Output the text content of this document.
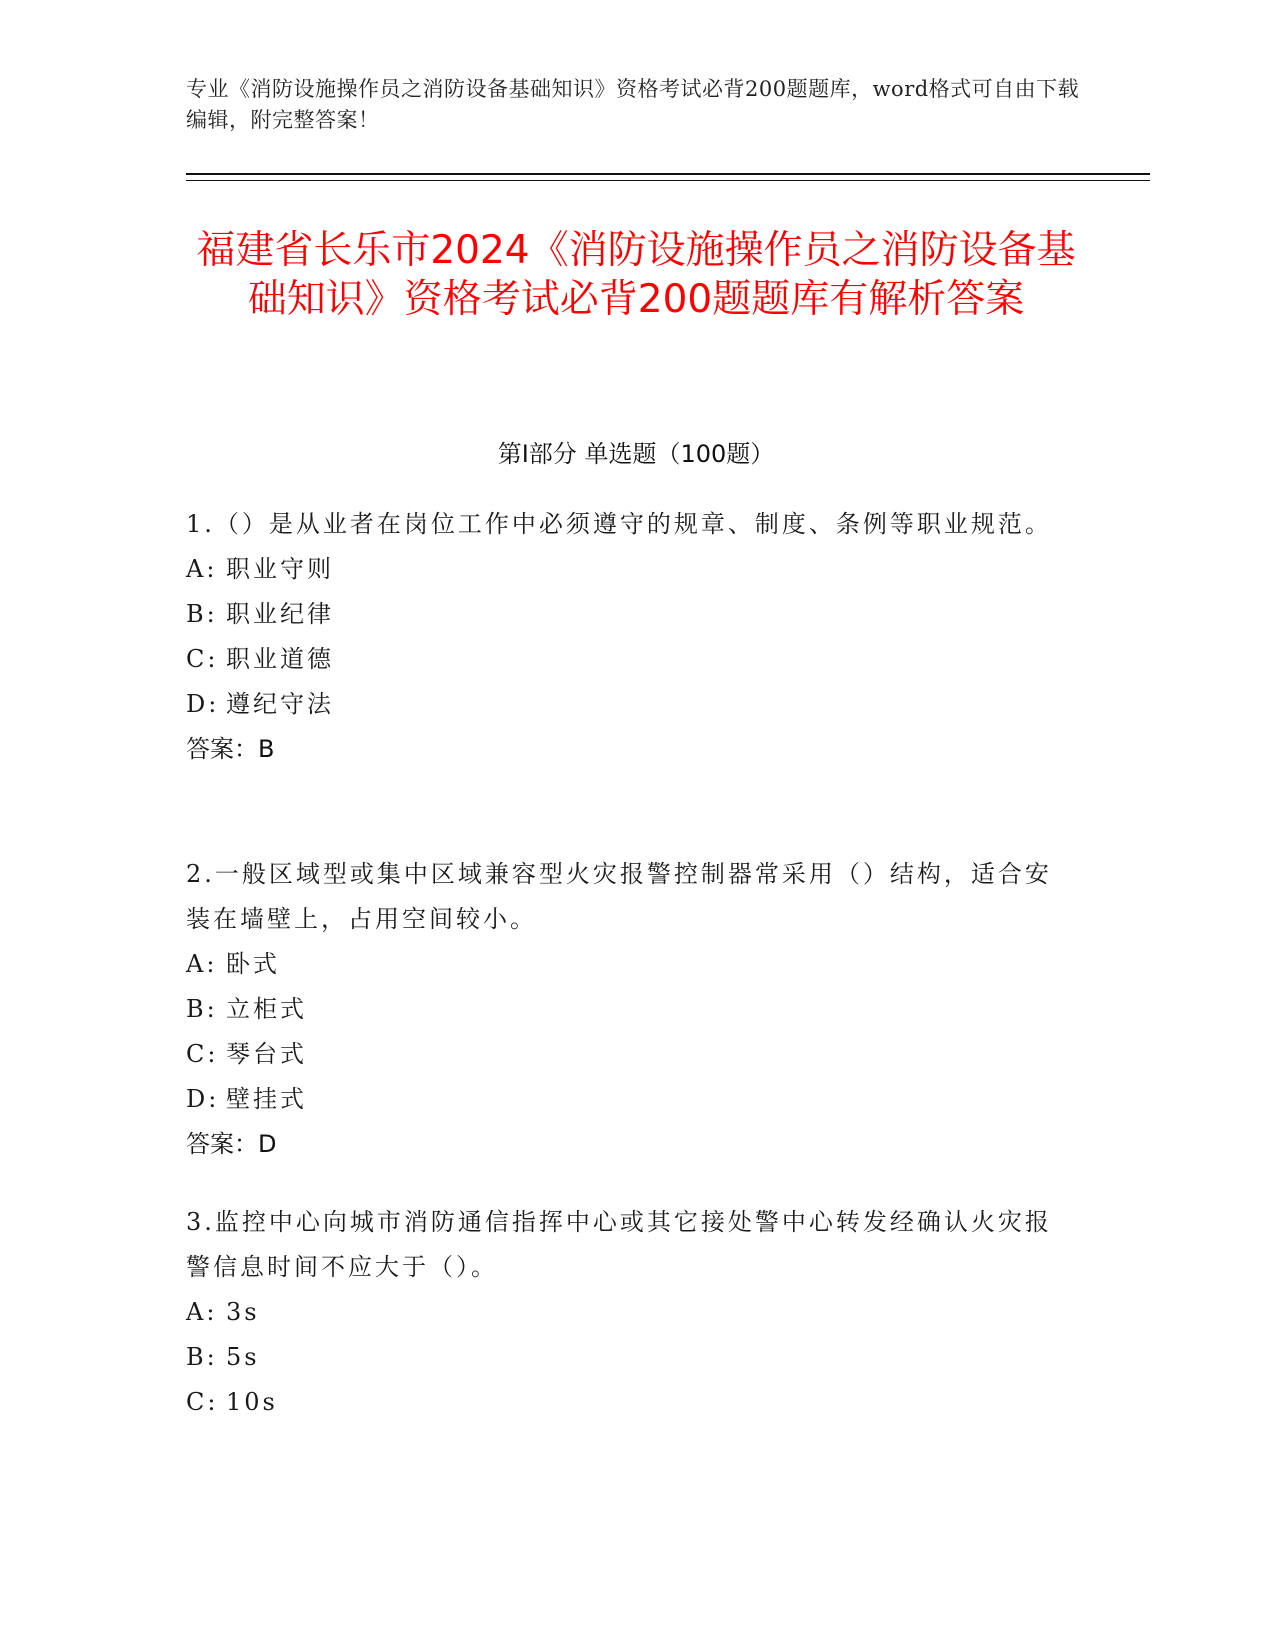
专业《消防设施操作员之消防设备基础知识》资格考试必背200题题库，word格式可自由下载编辑，附完整答案！
福建省长乐市2024《消防设施操作员之消防设备基础知识》资格考试必背200题题库有解析答案
第Ⅰ部分 单选题（100题）
1.（）是从业者在岗位工作中必须遵守的规章、制度、条例等职业规范。
A: 职业守则
B: 职业纪律
C: 职业道德
D: 遵纪守法
答案：B
2.一般区域型或集中区域兼容型火灾报警控制器常采用（）结构，适合安装在墙壁上，占用空间较小。
A: 卧式
B: 立柜式
C: 琴台式
D: 壁挂式
答案：D
3.监控中心向城市消防通信指挥中心或其它接处警中心转发经确认火灾报警信息时间不应大于（）。
A: 3s
B: 5s
C: 10s
